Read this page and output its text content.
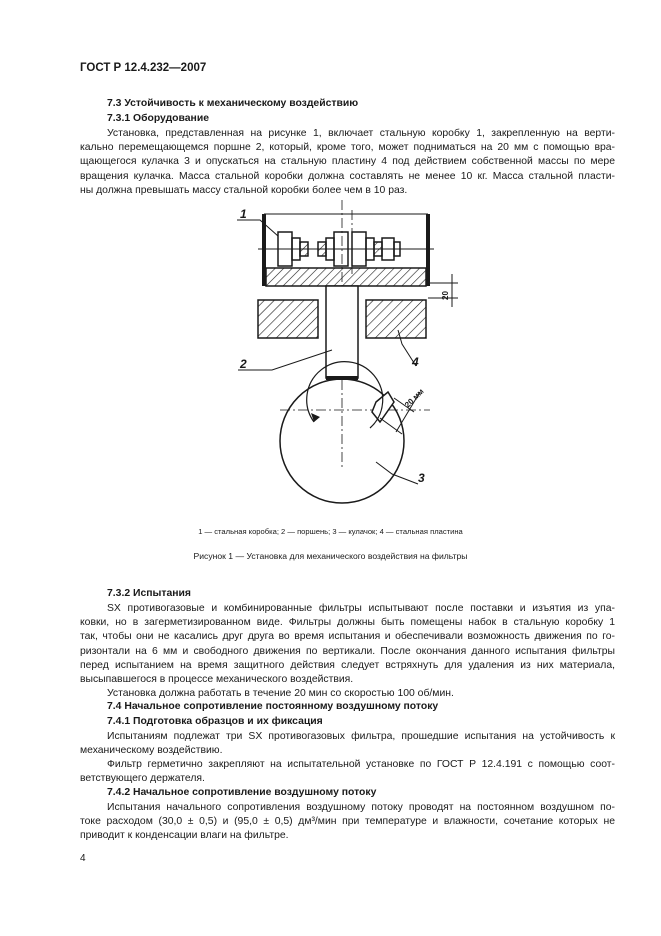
ГОСТ Р 12.4.232—2007
7.3 Устойчивость к механическому воздействию
7.3.1 Оборудование
Установка, представленная на рисунке 1, включает стальную коробку 1, закрепленную на верти-
кально перемещающемся поршне 2, который, кроме того, может подниматься на 20 мм с помощью вра-
щающегося кулачка 3 и опускаться на стальную пластину 4 под действием собственной массы по мере
вращения кулачка. Масса стальной коробки должна составлять не менее 10 кг. Масса стальной пласти-
ны должна превышать массу стальной коробки более чем в 10 раз.
1
2
3
4
20
20 мм
1 — стальная коробка; 2 — поршень; 3 — кулачок; 4 — стальная пластина
Рисунок 1 — Установка для механического воздействия на фильтры
7.3.2 Испытания
SX противогазовые и комбинированные фильтры испытывают после поставки и изъятия из упа-
ковки, но в загерметизированном виде. Фильтры должны быть помещены набок в стальную коробку 1
так, чтобы они не касались друг друга во время испытания и обеспечивали возможность движения по го-
ризонтали на 6 мм и свободного движения по вертикали. После окончания данного испытания фильтры
перед испытанием на время защитного действия следует встряхнуть для удаления из них материала,
высыпавшегося в процессе механического воздействия.
Установка должна работать в течение 20 мин со скоростью 100 об/мин.
7.4 Начальное сопротивление постоянному воздушному потоку
7.4.1 Подготовка образцов и их фиксация
Испытаниям подлежат три SX противогазовых фильтра, прошедшие испытания на устойчивость к
механическому воздействию.
Фильтр герметично закрепляют на испытательной установке по ГОСТ Р 12.4.191 с помощью соот-
ветствующего держателя.
7.4.2 Начальное сопротивление воздушному потоку
Испытания начального сопротивления воздушному потоку проводят на постоянном воздушном по-
токе расходом (30,0 ± 0,5) и (95,0 ± 0,5) дм³/мин при температуре и влажности, сочетание которых не
приводит к конденсации влаги на фильтре.
4
